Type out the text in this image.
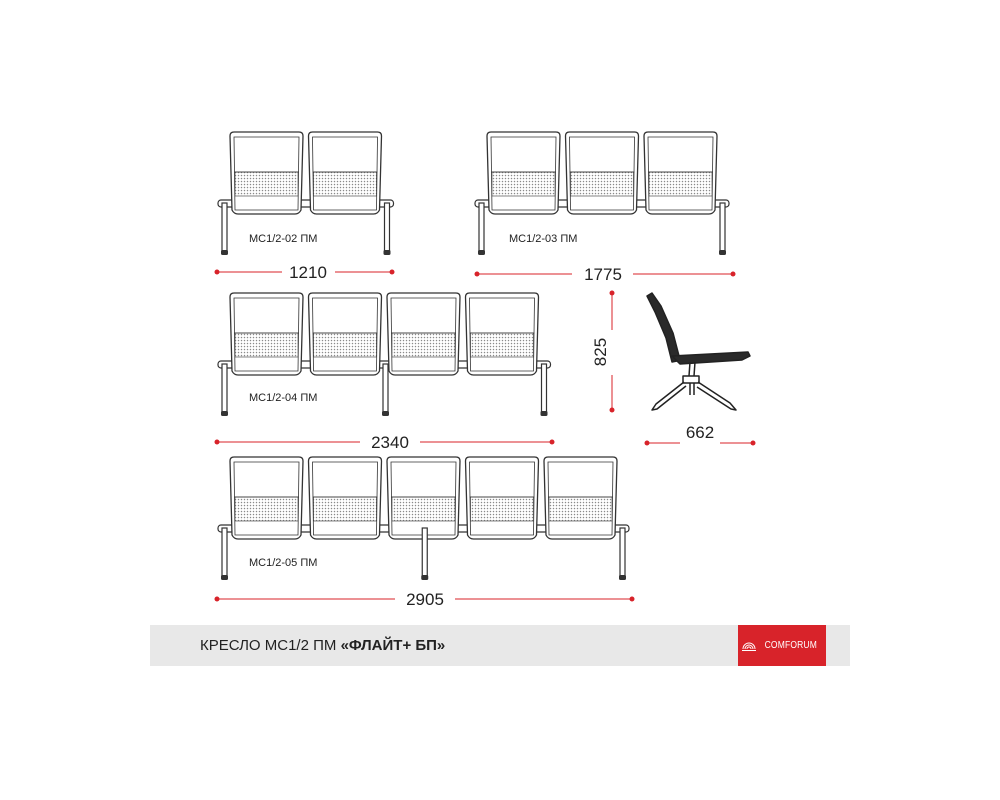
МС1/2-02 ПМ	МС1/2-03 ПМ
МС1/2-04 ПМ
МС1/2-05 ПМ
1210	1775
2340
2905
825
662
КРЕСЛО МС1/2 ПМ «ФЛАЙТ+ БП»	COMFORUM
